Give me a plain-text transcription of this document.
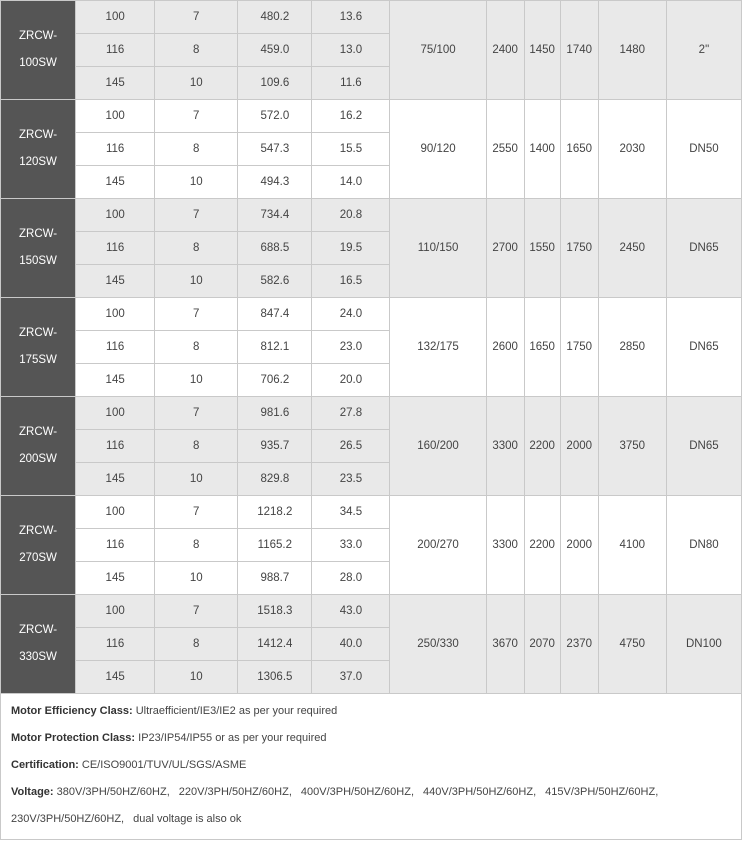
ZRCW-
100SW	100	7	480.2	13.6	75/100	2400	1450	1740	1480	2"
	116	8	459.0	13.0						
	145	10	109.6	11.6						
ZRCW-
120SW	100	7	572.0	16.2	90/120	2550	1400	1650	2030	DN50
	116	8	547.3	15.5						
	145	10	494.3	14.0						
ZRCW-
150SW	100	7	734.4	20.8	110/150	2700	1550	1750	2450	DN65
	116	8	688.5	19.5						
	145	10	582.6	16.5						
ZRCW-
175SW	100	7	847.4	24.0	132/175	2600	1650	1750	2850	DN65
	116	8	812.1	23.0						
	145	10	706.2	20.0						
ZRCW-
200SW	100	7	981.6	27.8	160/200	3300	2200	2000	3750	DN65
	116	8	935.7	26.5						
	145	10	829.8	23.5						
ZRCW-
270SW	100	7	1218.2	34.5	200/270	3300	2200	2000	4100	DN80
	116	8	1165.2	33.0						
	145	10	988.7	28.0						
ZRCW-
330SW	100	7	1518.3	43.0	250/330	3670	2070	2370	4750	DN100
	116	8	1412.4	40.0						
	145	10	1306.5	37.0						

Motor Efficiency Class: Ultraefficient/IE3/IE2 as per your required

Motor Protection Class: IP23/IP54/IP55 or as per your required

Certification: CE/ISO9001/TUV/UL/SGS/ASME

Voltage: 380V/3PH/50HZ/60HZ, 220V/3PH/50HZ/60HZ, 400V/3PH/50HZ/60HZ, 440V/3PH/50HZ/60HZ, 415V/3PH/50HZ/60HZ,

230V/3PH/50HZ/60HZ, dual voltage is also ok
